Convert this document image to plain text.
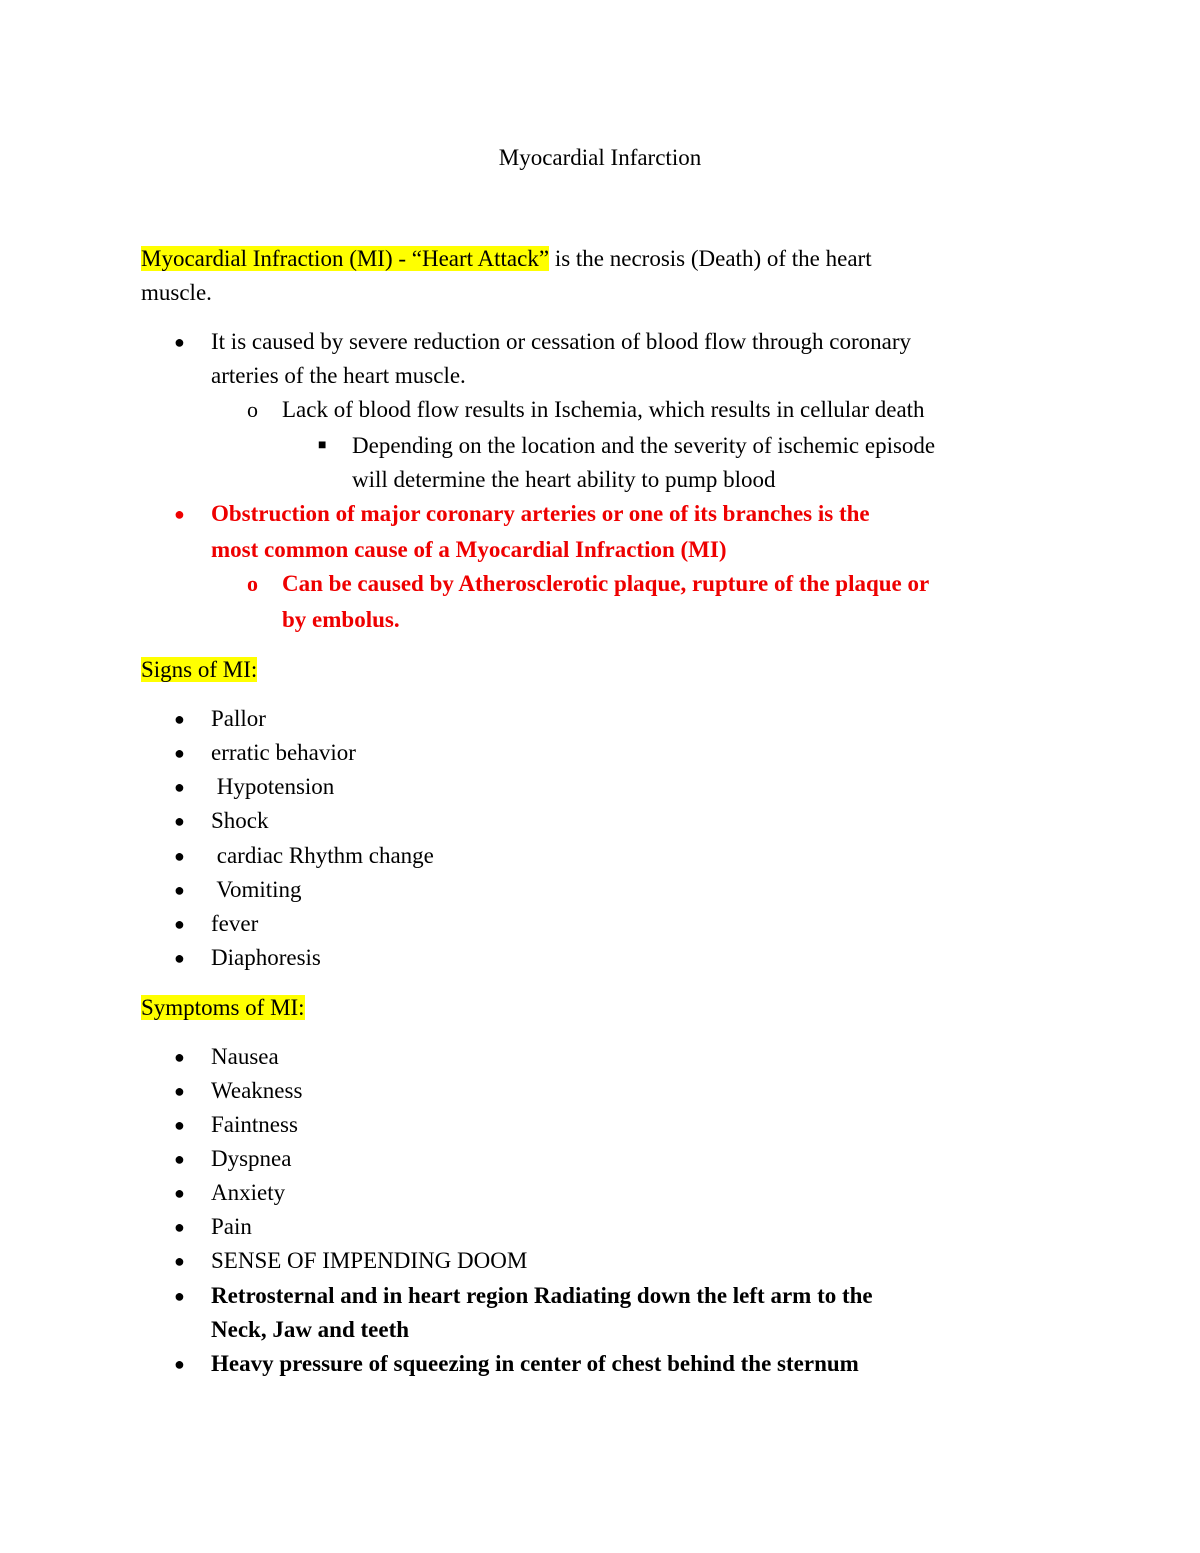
Myocardial Infarction
Myocardial Infraction (MI) - “Heart Attack” is the necrosis (Death) of the heart
muscle.
● It is caused by severe reduction or cessation of blood flow through coronary
arteries of the heart muscle.
o Lack of blood flow results in Ischemia, which results in cellular death
■ Depending on the location and the severity of ischemic episode
will determine the heart ability to pump blood
● Obstruction of major coronary arteries or one of its branches is the
most common cause of a Myocardial Infraction (MI)
o Can be caused by Atherosclerotic plaque, rupture of the plaque or
by embolus.
Signs of MI:
● Pallor
● erratic behavior
● Hypotension
● Shock
● cardiac Rhythm change
● Vomiting
● fever
● Diaphoresis
Symptoms of MI:
● Nausea
● Weakness
● Faintness
● Dyspnea
● Anxiety
● Pain
● SENSE OF IMPENDING DOOM
● Retrosternal and in heart region Radiating down the left arm to the
Neck, Jaw and teeth
● Heavy pressure of squeezing in center of chest behind the sternum
